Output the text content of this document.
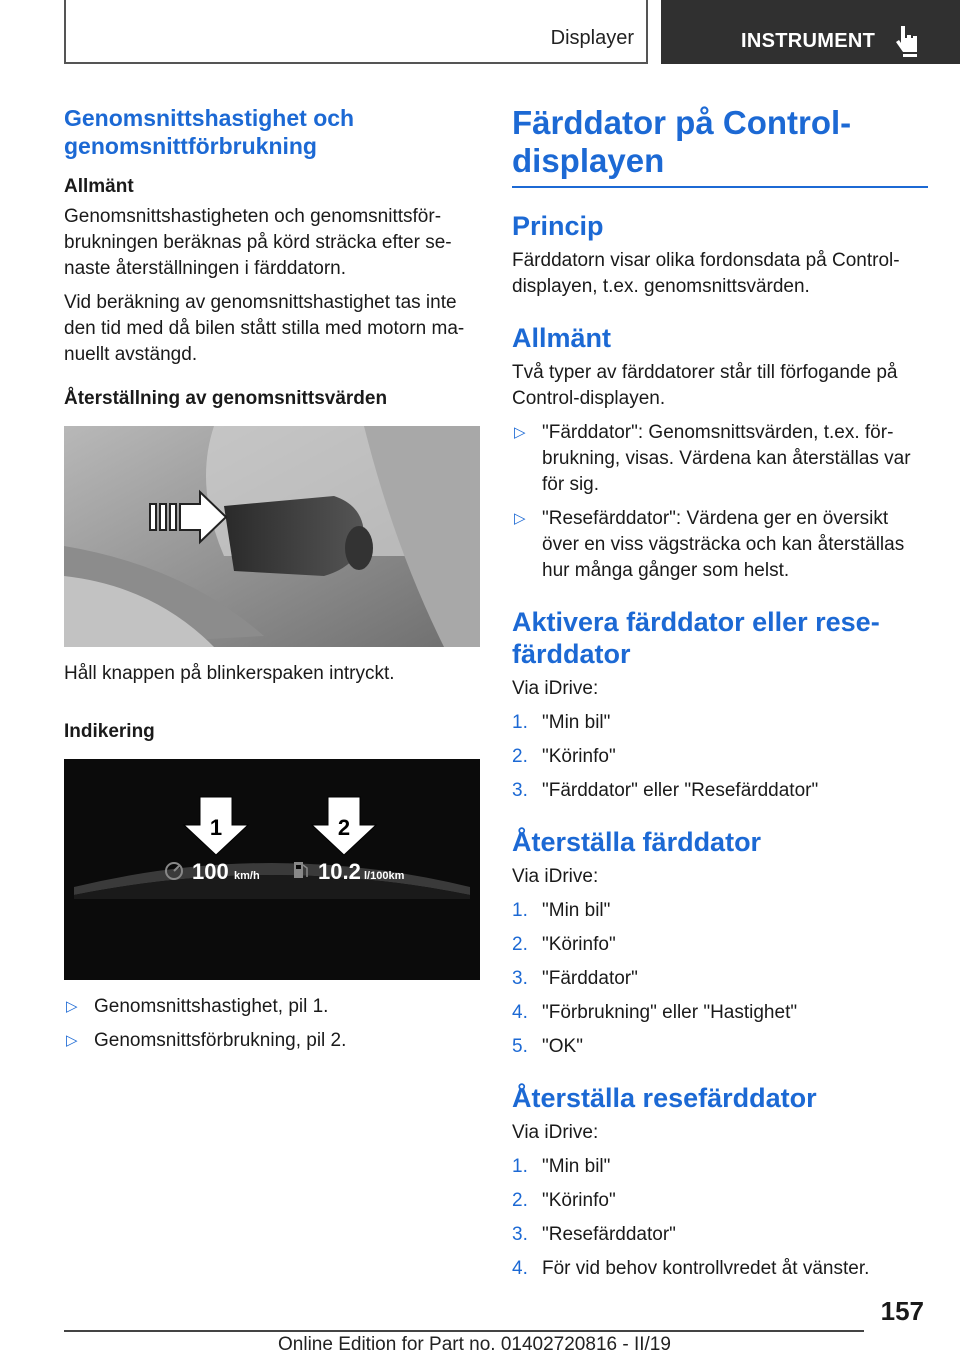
Displayer	INSTRUMENT
Genomsnittshastighet och genomsnittförbrukning
Allmänt

Genomsnittshastigheten och genomsnittsförbrukningen beräknas på körd sträcka efter senaste återställningen i färddatorn.

Vid beräkning av genomsnittshastighet tas inte den tid med då bilen stått stilla med motorn manuellt avstängd.

Återställning av genomsnittsvärden

Håll knappen på blinkerspaken intryckt.

Indikering
1	2
100 km/h	10.2 l/100km
▷ Genomsnittshastighet, pil 1.
▷ Genomsnittsförbrukning, pil 2.
Färddator på Control-displayen
Princip

Färddatorn visar olika fordonsdata på Control-displayen, t.ex. genomsnittsvärden.

Allmänt

Två typer av färddatorer står till förfogande på Control-displayen.

▷ "Färddator": Genomsnittsvärden, t.ex. förbrukning, visas. Värdena kan återställas var för sig.
▷ "Resefärddator": Värdena ger en översikt över en viss vägsträcka och kan återställas hur många gånger som helst.
Aktivera färddator eller resefärddator

Via iDrive:

1. "Min bil"
2. "Körinfo"
3. "Färddator" eller "Resefärddator"
Återställa färddator

Via iDrive:

1. "Min bil"
2. "Körinfo"
3. "Färddator"
4. "Förbrukning" eller "Hastighet"
5. "OK"
Återställa resefärddator

Via iDrive:

1. "Min bil"
2. "Körinfo"
3. "Resefärddator"
4. För vid behov kontrollvredet åt vänster.
157
Online Edition for Part no. 01402720816 - II/19
